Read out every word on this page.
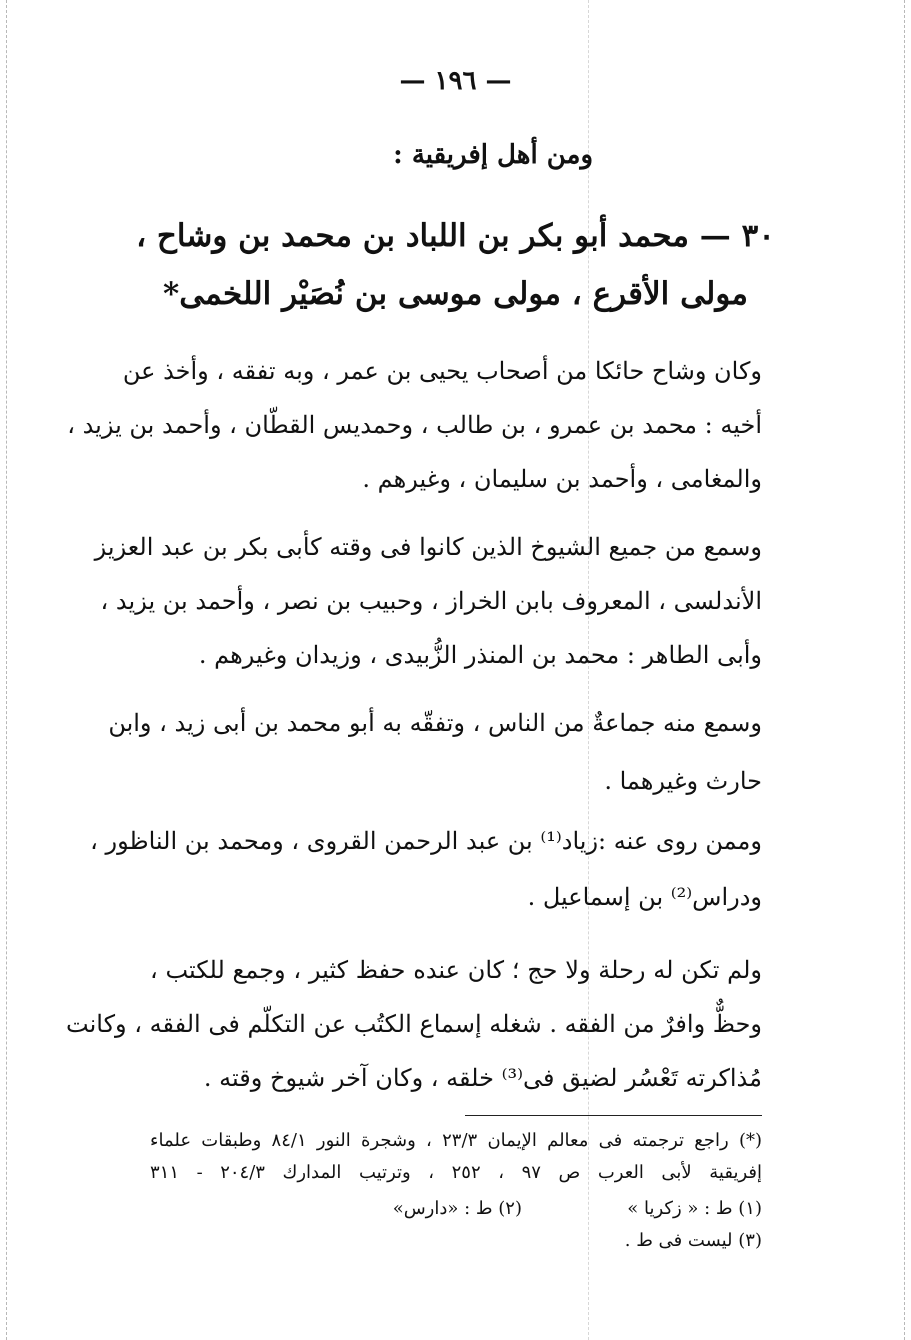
— ١٩٦ —
ومن أهل إفريقية :
٣٠ — محمد أبو بكر بن اللباد بن محمد بن وشاح ،
مولى الأقرع ، مولى موسى بن نُصَيْر اللخمى*
وكان وشاح حائكا من أصحاب يحيى بن عمر ، وبه تفقه ، وأخذ عن
أخيه : محمد بن عمرو ، بن طالب ، وحمديس القطّان ، وأحمد بن يزيد ،
والمغامى ، وأحمد بن سليمان ، وغيرهم .
وسمع من جميع الشيوخ الذين كانوا فى وقته كأبى بكر بن عبد العزيز
الأندلسى ، المعروف بابن الخراز ، وحبيب بن نصر ، وأحمد بن يزيد ،
وأبى الطاهر : محمد بن المنذر الزُّبيدى ، وزيدان وغيرهم .
وسمع منه جماعةٌ من الناس ، وتفقّه به أبو محمد بن أبى زيد ، وابن
حارث وغيرهما .
وممن روى عنه :زياد⁽¹⁾ بن عبد الرحمن القروى ، ومحمد بن الناظور ،
ودراس⁽²⁾ بن إسماعيل .
ولم تكن له رحلة ولا حج ؛ كان عنده حفظ كثير ، وجمع للكتب ،
وحظٌّ وافرٌ من الفقه . شغله إسماع الكتُب عن التكلّم فى الفقه ، وكانت
مُذاكرته تَعْسُر لضيق فى⁽³⁾ خلقه ، وكان آخر شيوخ وقته .
(*) راجع ترجمته فى معالم الإيمان ٢٣/٣ ، وشجرة النور ٨٤/١ وطبقات علماء
إفريقية لأبى العرب ص ٩٧ ، ٢٥٢ ، وترتيب المدارك ٢٠٤/٣ - ٣١١
(١) ط : « زكريا »
(٢) ط : «دارس»
(٣) ليست فى ط .
